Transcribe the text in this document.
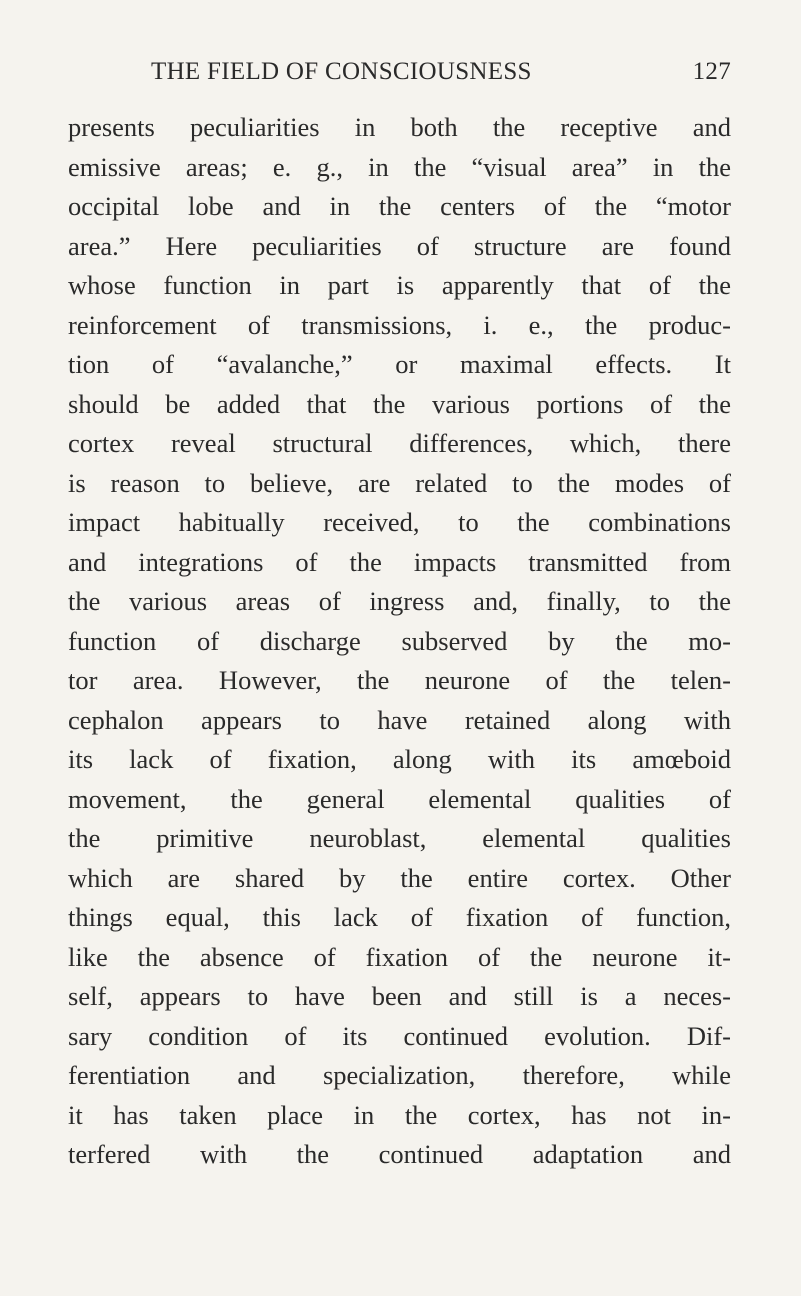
THE FIELD OF CONSCIOUSNESS	127
presents peculiarities in both the receptive and
emissive areas; e. g., in the “visual area” in the
occipital lobe and in the centers of the “motor
area.” Here peculiarities of structure are found
whose function in part is apparently that of the
reinforcement of transmissions, i. e., the produc-
tion of “avalanche,” or maximal effects. It
should be added that the various portions of the
cortex reveal structural differences, which, there
is reason to believe, are related to the modes of
impact habitually received, to the combinations
and integrations of the impacts transmitted from
the various areas of ingress and, finally, to the
function of discharge subserved by the mo-
tor area. However, the neurone of the telen-
cephalon appears to have retained along with
its lack of fixation, along with its amœboid
movement, the general elemental qualities of
the primitive neuroblast, elemental qualities
which are shared by the entire cortex. Other
things equal, this lack of fixation of function,
like the absence of fixation of the neurone it-
self, appears to have been and still is a neces-
sary condition of its continued evolution. Dif-
ferentiation and specialization, therefore, while
it has taken place in the cortex, has not in-
terfered with the continued adaptation and
